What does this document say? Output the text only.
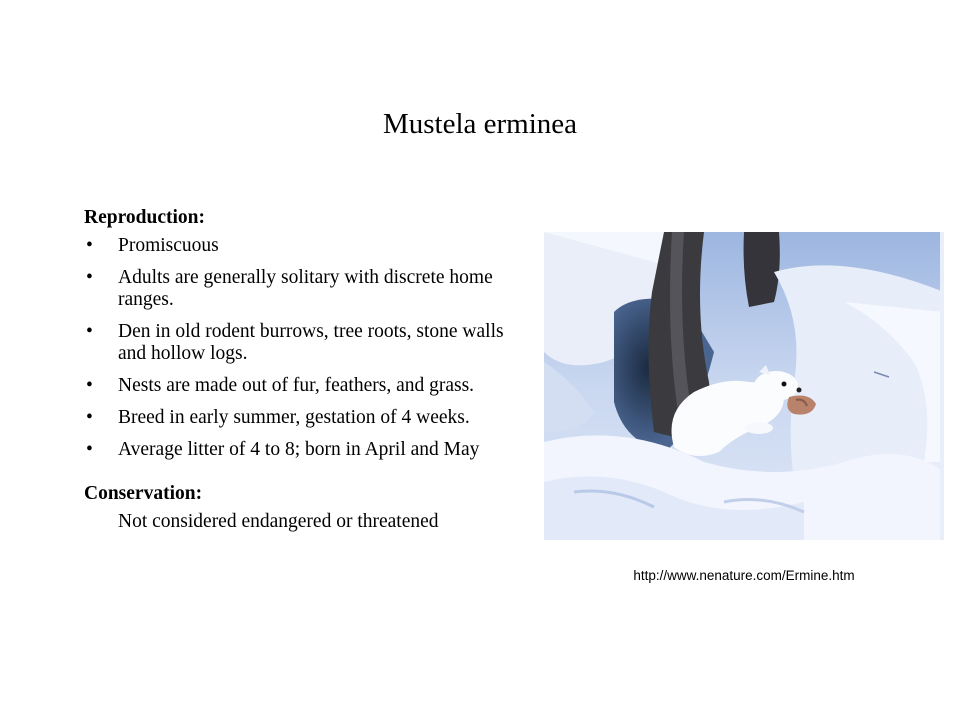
Mustela erminea
Reproduction:
• Promiscuous
• Adults are generally solitary with discrete home ranges.
• Den in old rodent burrows, tree roots, stone walls and hollow logs.
• Nests are made out of fur, feathers, and grass.
• Breed in early summer, gestation of 4 weeks.
• Average litter of 4 to 8; born in April and May
Conservation:
Not considered endangered or threatened
http://www.nenature.com/Ermine.htm
